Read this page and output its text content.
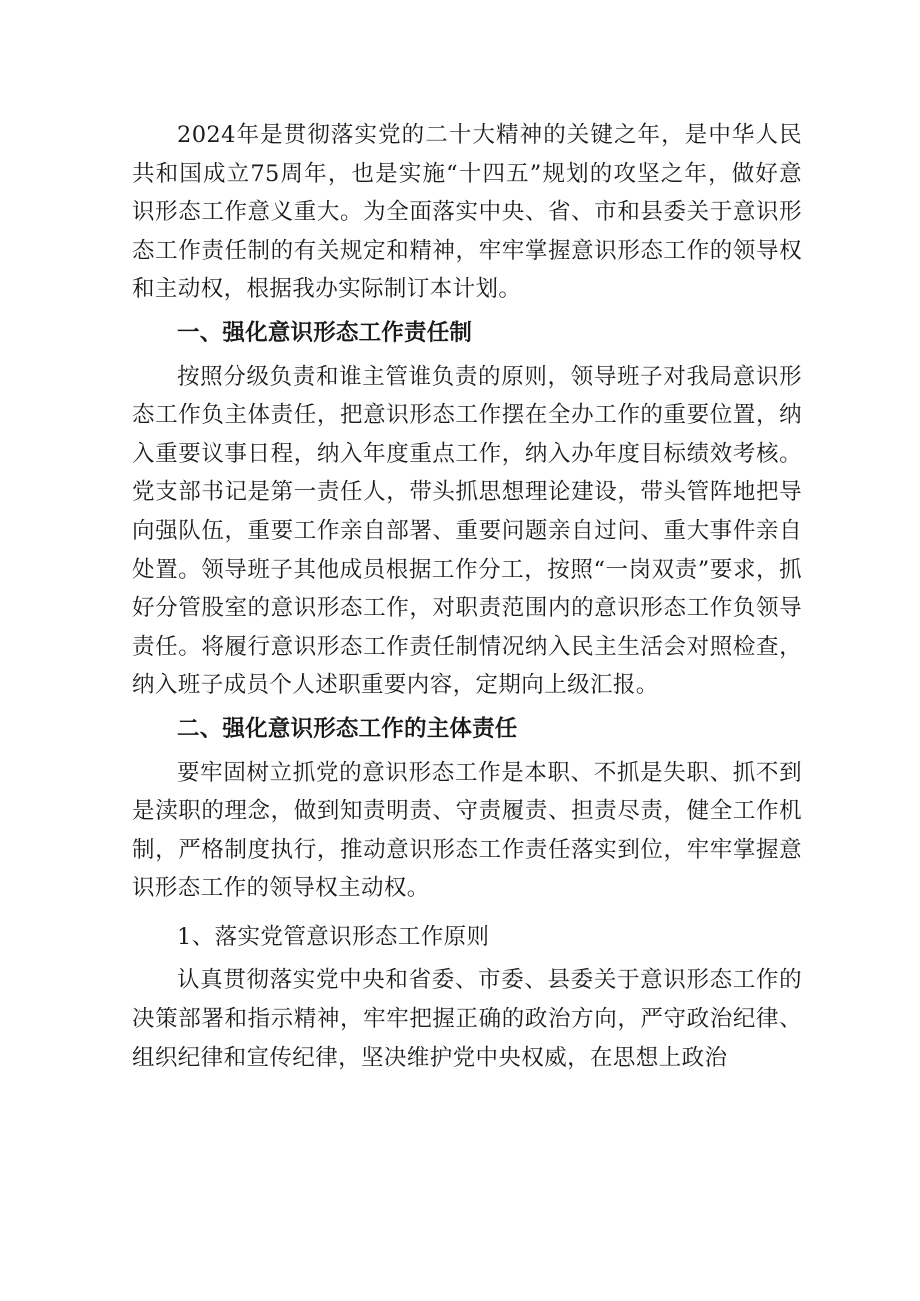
2024年是贯彻落实党的二十大精神的关键之年，是中华人民共和国成立75周年，也是实施“十四五”规划的攻坚之年，做好意识形态工作意义重大。为全面落实中央、省、市和县委关于意识形态工作责任制的有关规定和精神，牢牢掌握意识形态工作的领导权和主动权，根据我办实际制订本计划。

一、强化意识形态工作责任制

按照分级负责和谁主管谁负责的原则，领导班子对我局意识形态工作负主体责任，把意识形态工作摆在全办工作的重要位置，纳入重要议事日程，纳入年度重点工作，纳入办年度目标绩效考核。党支部书记是第一责任人，带头抓思想理论建设，带头管阵地把导向强队伍，重要工作亲自部署、重要问题亲自过问、重大事件亲自处置。领导班子其他成员根据工作分工，按照“一岗双责”要求，抓好分管股室的意识形态工作，对职责范围内的意识形态工作负领导责任。将履行意识形态工作责任制情况纳入民主生活会对照检查，纳入班子成员个人述职重要内容，定期向上级汇报。

二、强化意识形态工作的主体责任

要牢固树立抓党的意识形态工作是本职、不抓是失职、抓不到是渎职的理念，做到知责明责、守责履责、担责尽责，健全工作机制，严格制度执行，推动意识形态工作责任落实到位，牢牢掌握意识形态工作的领导权主动权。

1、落实党管意识形态工作原则

认真贯彻落实党中央和省委、市委、县委关于意识形态工作的决策部署和指示精神，牢牢把握正确的政治方向，严守政治纪律、组织纪律和宣传纪律，坚决维护党中央权威，在思想上政治
